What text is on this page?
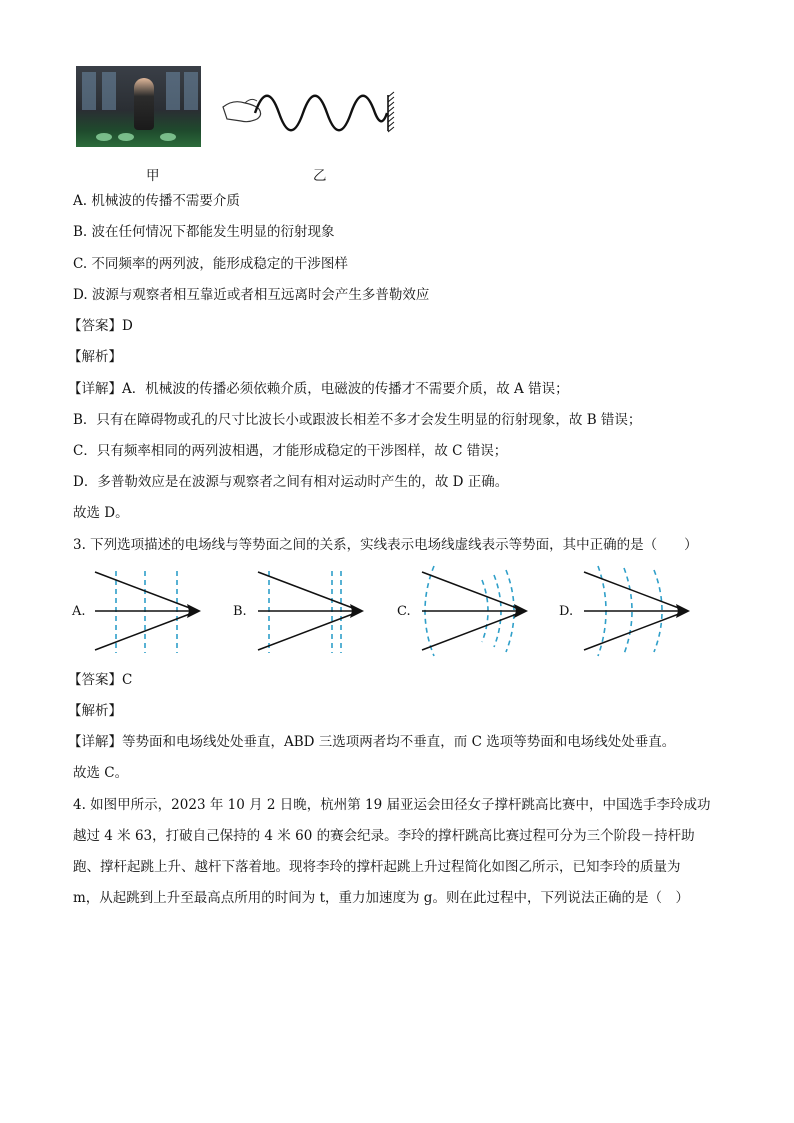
甲	乙
A. 机械波的传播不需要介质
B. 波在任何情况下都能发生明显的衍射现象
C. 不同频率的两列波，能形成稳定的干涉图样
D. 波源与观察者相互靠近或者相互远离时会产生多普勒效应
【答案】D
【解析】
【详解】A．机械波的传播必须依赖介质，电磁波的传播才不需要介质，故 A 错误；
B．只有在障碍物或孔的尺寸比波长小或跟波长相差不多才会发生明显的衍射现象，故 B 错误；
C．只有频率相同的两列波相遇，才能形成稳定的干涉图样，故 C 错误；
D．多普勒效应是在波源与观察者之间有相对运动时产生的，故 D 正确。
故选 D。
3. 下列选项描述的电场线与等势面之间的关系，实线表示电场线虚线表示等势面，其中正确的是（　　）
A.	B.	C.	D.
【答案】C
【解析】
【详解】等势面和电场线处处垂直，ABD 三选项两者均不垂直，而 C 选项等势面和电场线处处垂直。
故选 C。
4. 如图甲所示，2023 年 10 月 2 日晚，杭州第 19 届亚运会田径女子撑杆跳高比赛中，中国选手李玲成功
越过 4 米 63，打破自己保持的 4 米 60 的赛会纪录。李玲的撑杆跳高比赛过程可分为三个阶段－持杆助
跑、撑杆起跳上升、越杆下落着地。现将李玲的撑杆起跳上升过程简化如图乙所示，已知李玲的质量为
m，从起跳到上升至最高点所用的时间为 t，重力加速度为 g。则在此过程中，下列说法正确的是（　）
